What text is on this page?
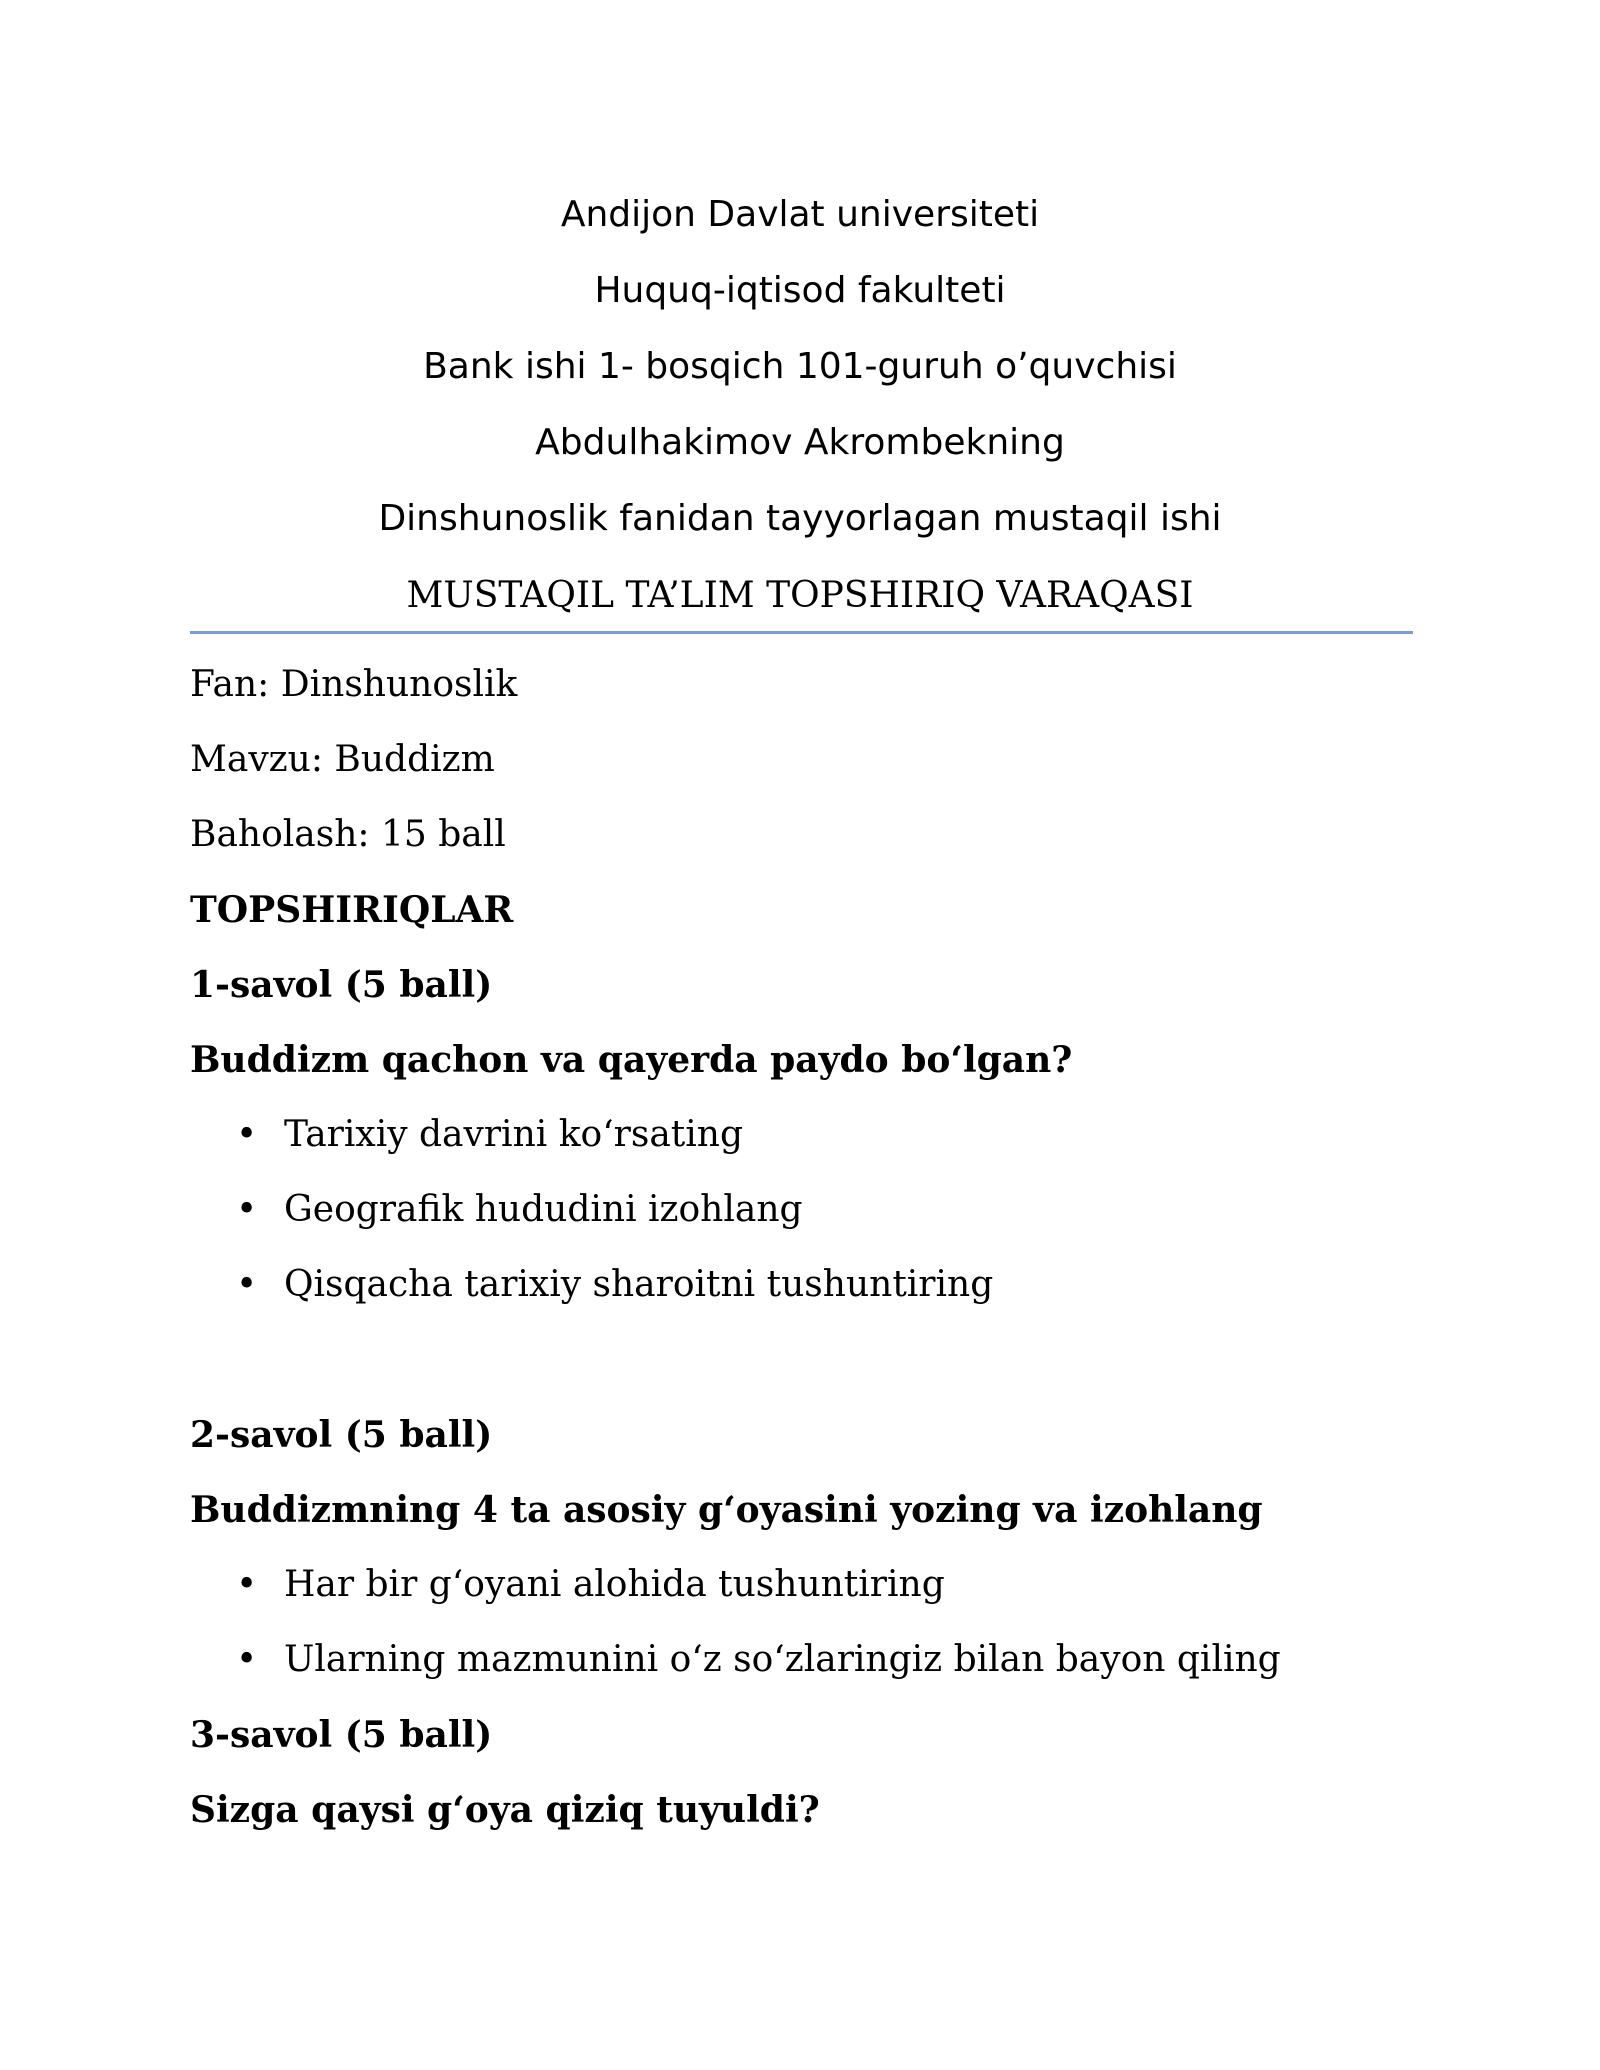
Andijon Davlat universiteti
Huquq-iqtisod fakulteti
Bank ishi 1- bosqich 101-guruh o’quvchisi
Abdulhakimov Akrombekning
Dinshunoslik fanidan tayyorlagan mustaqil ishi
MUSTAQIL TA’LIM TOPSHIRIQ VARAQASI
Fan: Dinshunoslik
Mavzu: Buddizm
Baholash: 15 ball
TOPSHIRIQLAR
1-savol (5 ball)
Buddizm qachon va qayerda paydo bo‘lgan?
• Tarixiy davrini ko‘rsating
• Geografik hududini izohlang
• Qisqacha tarixiy sharoitni tushuntiring
2-savol (5 ball)
Buddizmning 4 ta asosiy g‘oyasini yozing va izohlang
• Har bir g‘oyani alohida tushuntiring
• Ularning mazmunini o‘z so‘zlaringiz bilan bayon qiling
3-savol (5 ball)
Sizga qaysi g‘oya qiziq tuyuldi?
